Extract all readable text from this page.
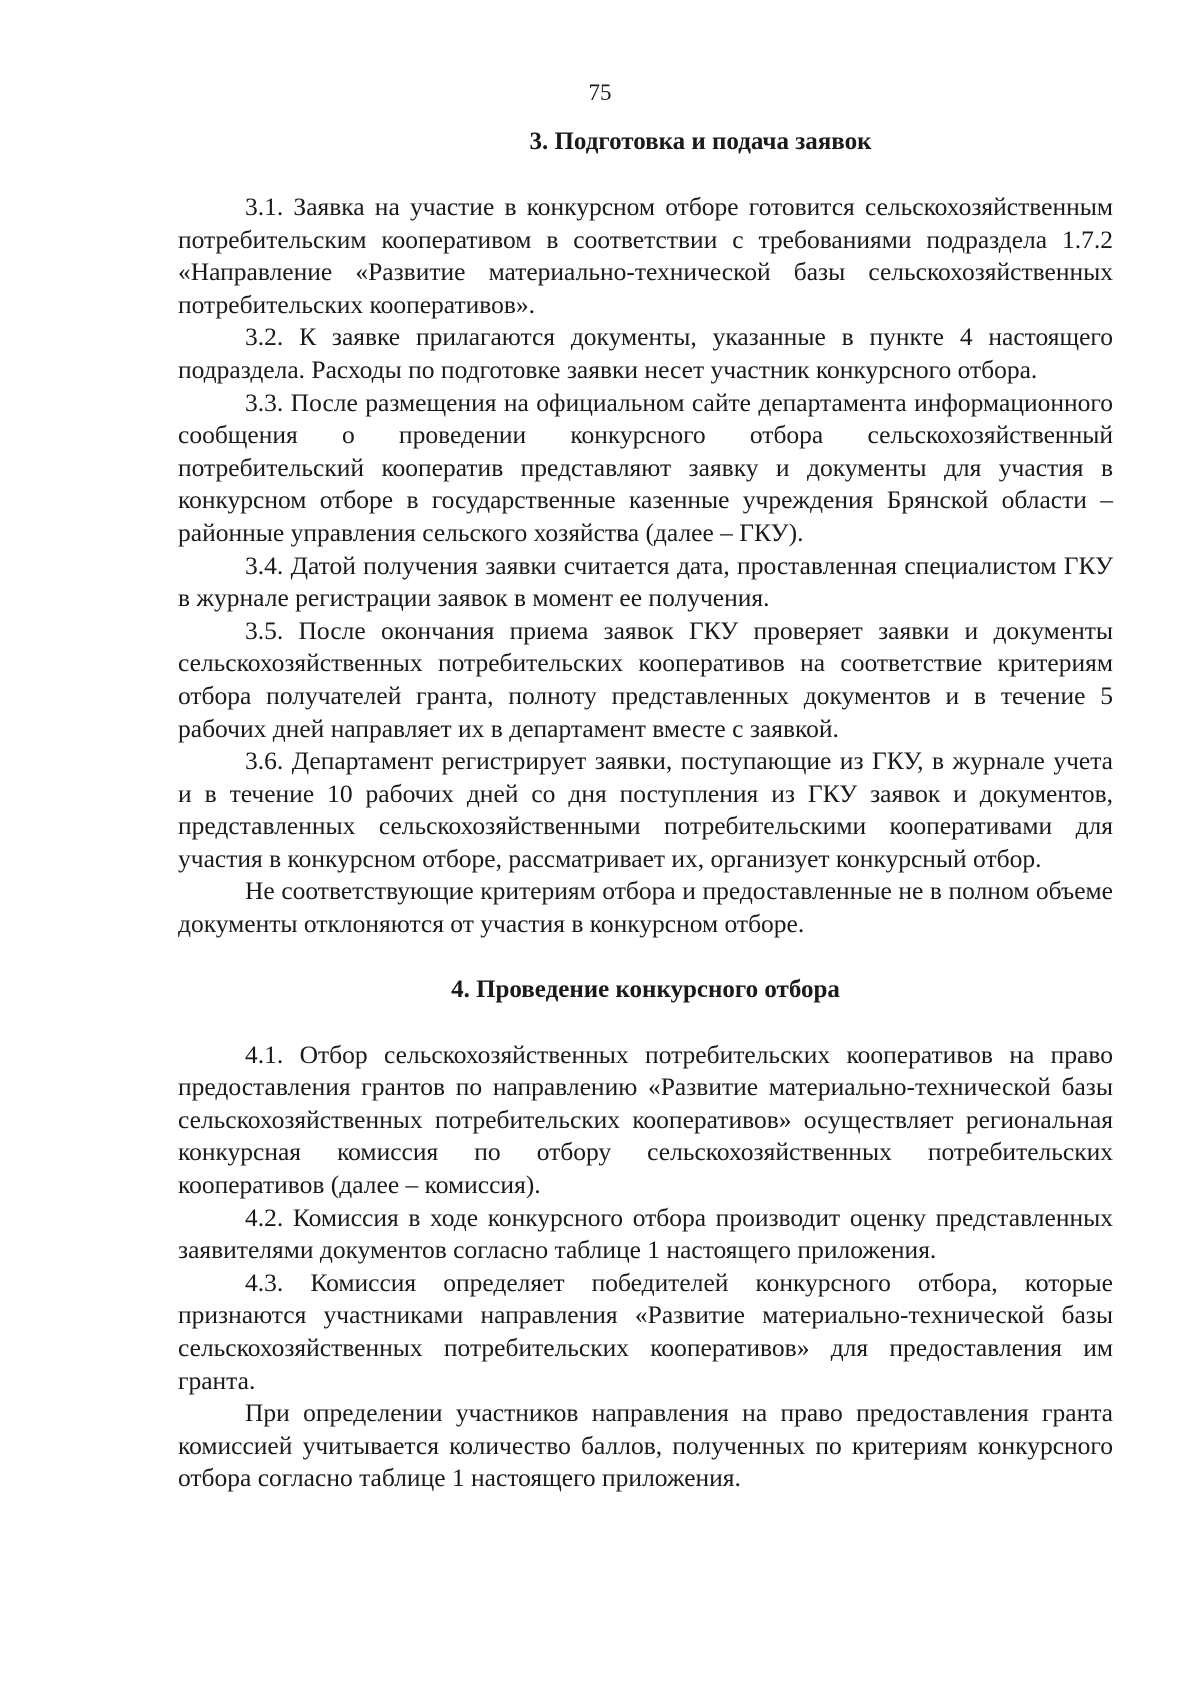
75
3. Подготовка и подача заявок

3.1. Заявка на участие в конкурсном отборе готовится сельскохозяйственным потребительским кооперативом в соответствии с требованиями подраздела 1.7.2 «Направление «Развитие материально-технической базы сельскохозяйственных потребительских кооперативов».

3.2. К заявке прилагаются документы, указанные в пункте 4 настоящего подраздела. Расходы по подготовке заявки несет участник конкурсного отбора.

3.3. После размещения на официальном сайте департамента информационного сообщения о проведении конкурсного отбора сельскохозяйственный потребительский кооператив представляют заявку и документы для участия в конкурсном отборе в государственные казенные учреждения Брянской области – районные управления сельского хозяйства (далее – ГКУ).

3.4. Датой получения заявки считается дата, проставленная специалистом ГКУ в журнале регистрации заявок в момент ее получения.

3.5. После окончания приема заявок ГКУ проверяет заявки и документы сельскохозяйственных потребительских кооперативов на соответствие критериям отбора получателей гранта, полноту представленных документов и в течение 5 рабочих дней направляет их в департамент вместе с заявкой.

3.6. Департамент регистрирует заявки, поступающие из ГКУ, в журнале учета и в течение 10 рабочих дней со дня поступления из ГКУ заявок и документов, представленных сельскохозяйственными потребительскими кооперативами для участия в конкурсном отборе, рассматривает их, организует конкурсный отбор.

Не соответствующие критериям отбора и предоставленные не в полном объеме документы отклоняются от участия в конкурсном отборе.

4. Проведение конкурсного отбора

4.1. Отбор сельскохозяйственных потребительских кооперативов на право предоставления грантов по направлению «Развитие материально-технической базы сельскохозяйственных потребительских кооперативов» осуществляет региональная конкурсная комиссия по отбору сельскохозяйственных потребительских кооперативов (далее – комиссия).

4.2. Комиссия в ходе конкурсного отбора производит оценку представленных заявителями документов согласно таблице 1 настоящего приложения.

4.3. Комиссия определяет победителей конкурсного отбора, которые признаются участниками направления «Развитие материально-технической базы сельскохозяйственных потребительских кооперативов» для предоставления им гранта.

При определении участников направления на право предоставления гранта комиссией учитывается количество баллов, полученных по критериям конкурсного отбора согласно таблице 1 настоящего приложения.
